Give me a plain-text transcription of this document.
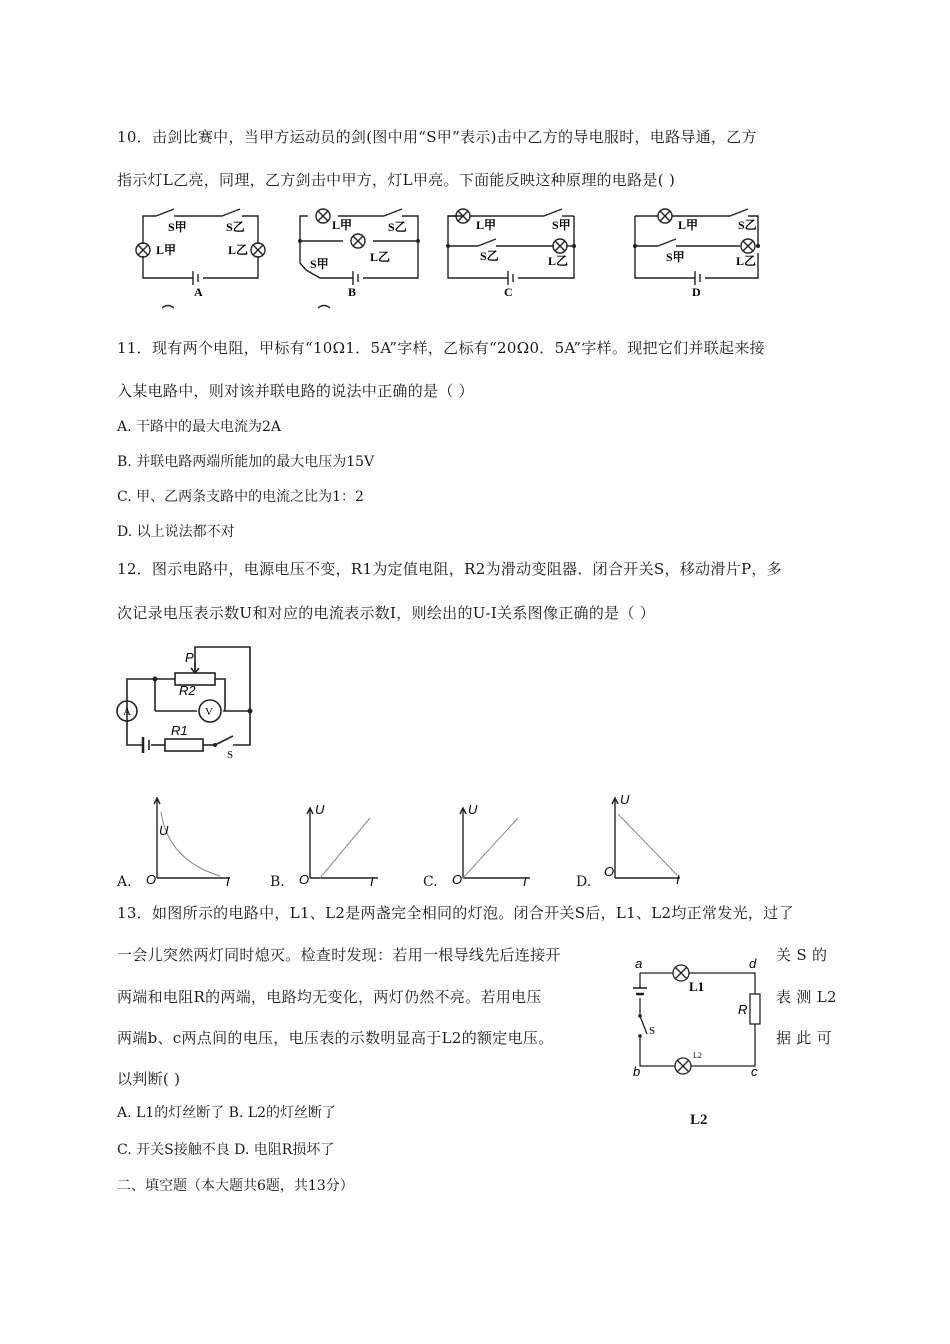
10．击剑比赛中，当甲方运动员的剑(图中用“S甲”表示)击中乙方的导电服时，电路导通，乙方
指示灯L乙亮，同理，乙方剑击中甲方，灯L甲亮。下面能反映这种原理的电路是( )
S甲	S乙
L甲	L乙
A
L甲	S乙
L乙
S甲
B
L甲	S甲
S乙	L乙
C
L甲	S乙
S甲	L乙
D
11．现有两个电阻，甲标有“10Ω1．5A”字样，乙标有“20Ω0．5A”字样。现把它们并联起来接
入某电路中，则对该并联电路的说法中正确的是（ ）
A. 干路中的最大电流为2A
B. 并联电路两端所能加的最大电压为15V
C. 甲、乙两条支路中的电流之比为1：2
D. 以上说法都不对
12．图示电路中，电源电压不变，R1为定值电阻，R2为滑动变阻器．闭合开关S，移动滑片P，多
次记录电压表示数U和对应的电流表示数I，则绘出的U-I关系图像正确的是（ ）
P
R2
R1
A	V
S
U
O	I
U
O	I
U
O	I
U
O
I
A.	B.	C.	D.
13．如图所示的电路中，L1、L2是两盏完全相同的灯泡。闭合开关S后，L1、L2均正常发光，过了
一会儿突然两灯同时熄灭。检查时发现：若用一根导线先后连接开	关 S 的
两端和电阻R的两端，电路均无变化，两灯仍然不亮。若用电压	表 测 L2
两端b、c两点间的电压，电压表的示数明显高于L2的额定电压。	据 此 可
以判断( )
a	d
b	c
L1
L2
R
S
A. L1的灯丝断了 B. L2的灯丝断了	L2
C. 开关S接触不良 D. 电阻R损坏了
二、填空题（本大题共6题，共13分）
